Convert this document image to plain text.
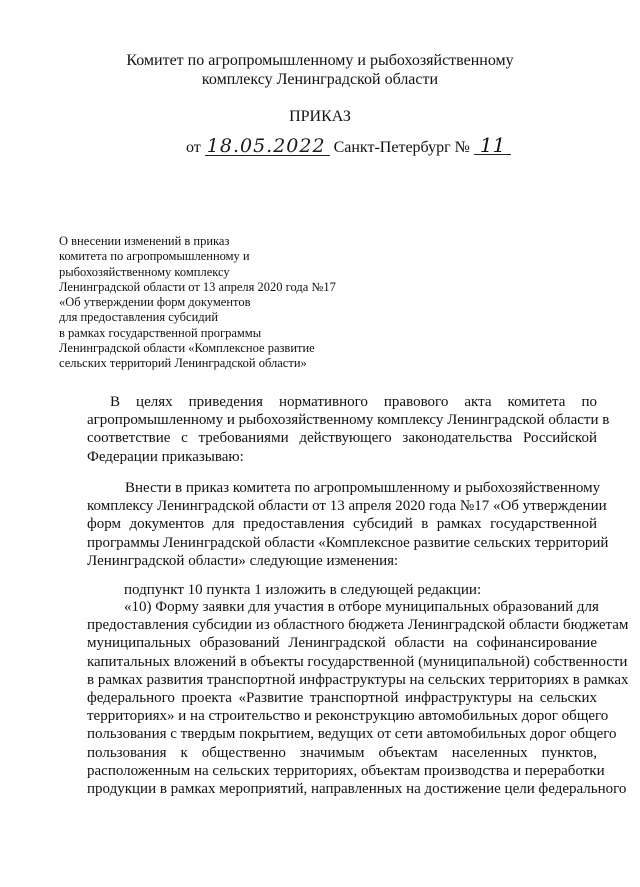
Комитет по агропромышленному и рыбохозяйственному
комплексу Ленинградской области
ПРИКАЗ
от 18.05.2022 Санкт-Петербург № 11
О внесении изменений в приказ
комитета по агропромышленному и
рыбохозяйственному комплексу
Ленинградской области от 13 апреля 2020 года №17
«Об утверждении форм документов
для предоставления субсидий
в рамках государственной программы
Ленинградской области «Комплексное развитие
сельских территорий Ленинградской области»
В целях приведения нормативного правового акта комитета по
агропромышленному и рыбохозяйственному комплексу Ленинградской области в
соответствие с требованиями действующего законодательства Российской
Федерации приказываю:
Внести в приказ комитета по агропромышленному и рыбохозяйственному
комплексу Ленинградской области от 13 апреля 2020 года №17 «Об утверждении
форм документов для предоставления субсидий в рамках государственной
программы Ленинградской области «Комплексное развитие сельских территорий
Ленинградской области» следующие изменения:
подпункт 10 пункта 1 изложить в следующей редакции:
«10) Форму заявки для участия в отборе муниципальных образований для
предоставления субсидии из областного бюджета Ленинградской области бюджетам
муниципальных образований Ленинградской области на софинансирование
капитальных вложений в объекты государственной (муниципальной) собственности
в рамках развития транспортной инфраструктуры на сельских территориях в рамках
федерального проекта «Развитие транспортной инфраструктуры на сельских
территориях» и на строительство и реконструкцию автомобильных дорог общего
пользования с твердым покрытием, ведущих от сети автомобильных дорог общего
пользования к общественно значимым объектам населенных пунктов,
расположенным на сельских территориях, объектам производства и переработки
продукции в рамках мероприятий, направленных на достижение цели федерального
